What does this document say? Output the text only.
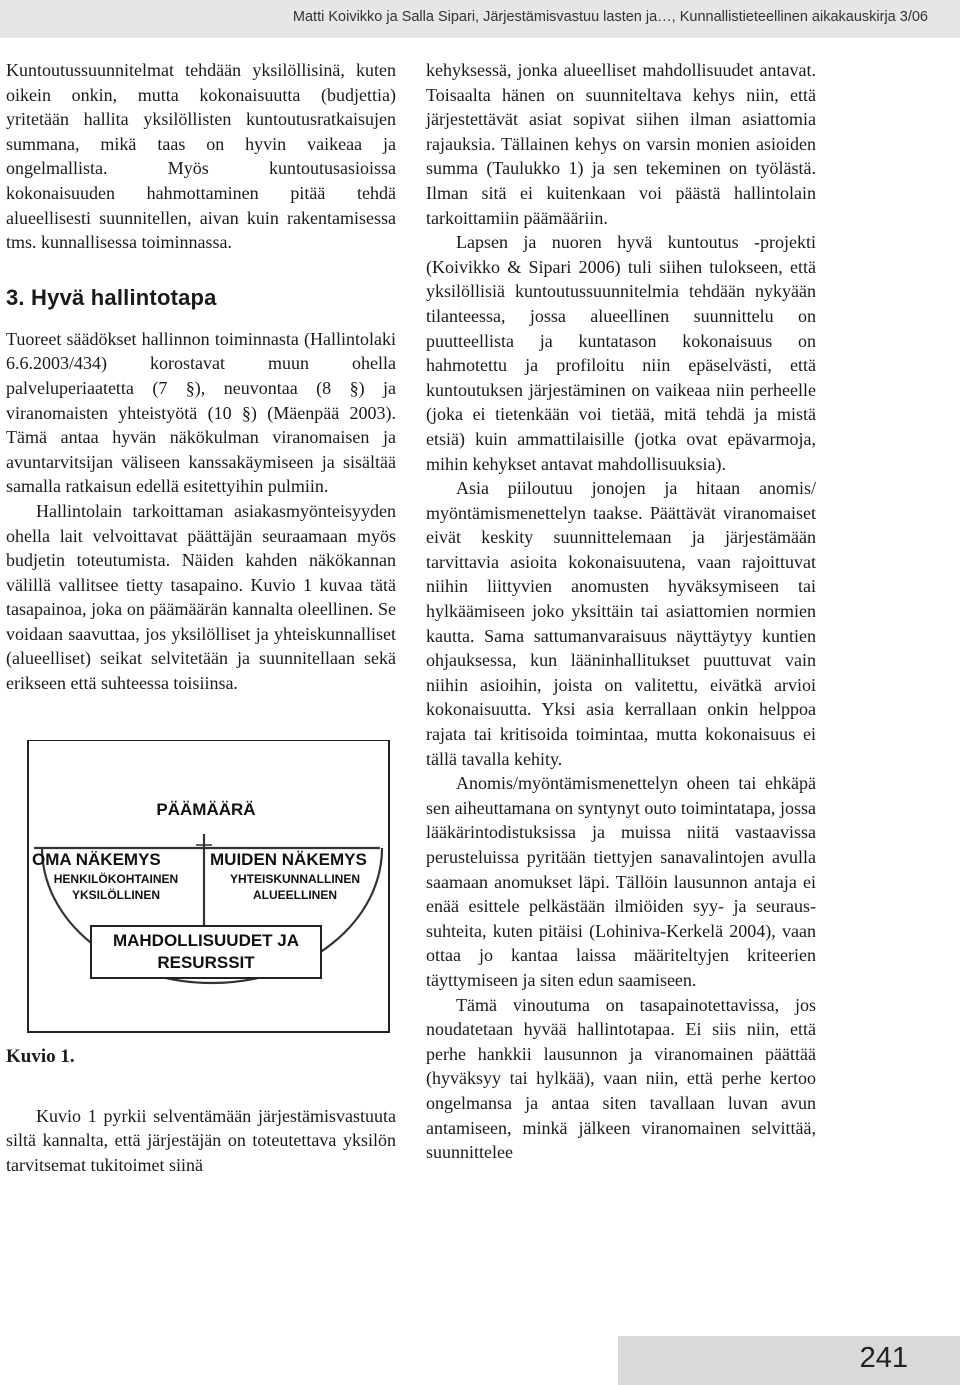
Matti Koivikko ja Salla Sipari, Järjestämisvastuu lasten ja…, Kunnallistieteellinen aikakauskirja 3/06

Kuntoutussuunnitelmat tehdään yksilöllisinä, kuten oikein onkin, mutta kokonaisuutta (budjettia) yritetään hallita yksilöllisten kuntoutusratkaisujen summana, mikä taas on hyvin vaikeaa ja ongelmallista. Myös kuntoutusasioissa kokonaisuuden hahmottaminen pitää tehdä alueellisesti suunnitellen, aivan kuin rakentamisessa tms. kunnallisessa toiminnassa.

3. Hyvä hallintotapa

Tuoreet säädökset hallinnon toiminnasta (Hallintolaki 6.6.2003/434) korostavat muun ohella palveluperiaatetta (7 §), neuvontaa (8 §) ja viranomaisten yhteistyötä (10 §) (Mäenpää 2003). Tämä antaa hyvän näkökulman viranomaisen ja avuntarvitsijan väliseen kanssakäymiseen ja sisältää samalla ratkaisun edellä esitettyihin pulmiin.

Hallintolain tarkoittaman asiakasmyönteisyyden ohella lait velvoittavat päättäjän seuraamaan myös budjetin toteutumista. Näiden kahden näkökannan välillä vallitsee tietty tasapaino. Kuvio 1 kuvaa tätä tasapainoa, joka on päämäärän kannalta oleellinen. Se voidaan saavuttaa, jos yksilölliset ja yhteiskunnalliset (alueelliset) seikat selvitetään ja suunnitellaan sekä erikseen että suhteessa toisiinsa.

PÄÄMÄÄRÄ
OMA NÄKEMYS
HENKILÖKOHTAINEN
YKSILÖLLINEN
MUIDEN NÄKEMYS
YHTEISKUNNALLINEN
ALUEELLINEN
MAHDOLLISUUDET JA
RESURSSIT
Kuvio 1.

Kuvio 1 pyrkii selventämään järjestämisvastuuta siltä kannalta, että järjestäjän on toteutettava yksilön tarvitsemat tukitoimet siinä

kehyksessä, jonka alueelliset mahdollisuudet antavat. Toisaalta hänen on suunniteltava kehys niin, että järjestettävät asiat sopivat siihen ilman asiattomia rajauksia. Tällainen kehys on varsin monien asioiden summa (Taulukko 1) ja sen tekeminen on työlästä. Ilman sitä ei kuitenkaan voi päästä hallintolain tarkoittamiin päämääriin.

Lapsen ja nuoren hyvä kuntoutus -projekti (Koivikko & Sipari 2006) tuli siihen tulokseen, että yksilöllisiä kuntoutussuunnitelmia tehdään nykyään tilanteessa, jossa alueellinen suunnittelu on puutteellista ja kuntatason kokonaisuus on hahmotettu ja profiloitu niin epäselvästi, että kuntoutuksen järjestäminen on vaikeaa niin perheelle (joka ei tietenkään voi tietää, mitä tehdä ja mistä etsiä) kuin ammattilaisille (jotka ovat epävarmoja, mihin kehykset antavat mahdollisuuksia).

Asia piiloutuu jonojen ja hitaan anomis/ myöntämismenettelyn taakse. Päättävät viranomaiset eivät keskity suunnittelemaan ja järjestämään tarvittavia asioita kokonaisuutena, vaan rajoittuvat niihin liittyvien anomusten hyväksymiseen tai hylkäämiseen joko yksittäin tai asiattomien normien kautta. Sama sattumanvaraisuus näyttäytyy kuntien ohjauksessa, kun lääninhallitukset puuttuvat vain niihin asioihin, joista on valitettu, eivätkä arvioi kokonaisuutta. Yksi asia kerrallaan onkin helppoa rajata tai kritisoida toimintaa, mutta kokonaisuus ei tällä tavalla kehity.

Anomis/myöntämismenettelyn oheen tai ehkäpä sen aiheuttamana on syntynyt outo toimintatapa, jossa lääkärintodistuksissa ja muissa niitä vastaavissa perusteluissa pyritään tiettyjen sanavalintojen avulla saamaan anomukset läpi. Tällöin lausunnon antaja ei enää esittele pelkästään ilmiöiden syy- ja seuraussuhteita, kuten pitäisi (Lohiniva-Kerkelä 2004), vaan ottaa jo kantaa laissa määriteltyjen kriteerien täyttymiseen ja siten edun saamiseen.

Tämä vinoutuma on tasapainotettavissa, jos noudatetaan hyvää hallintotapaa. Ei siis niin, että perhe hankkii lausunnon ja viranomainen päättää (hyväksyy tai hylkää), vaan niin, että perhe kertoo ongelmansa ja antaa siten tavallaan luvan avun antamiseen, minkä jälkeen viranomainen selvittää, suunnittelee

241
